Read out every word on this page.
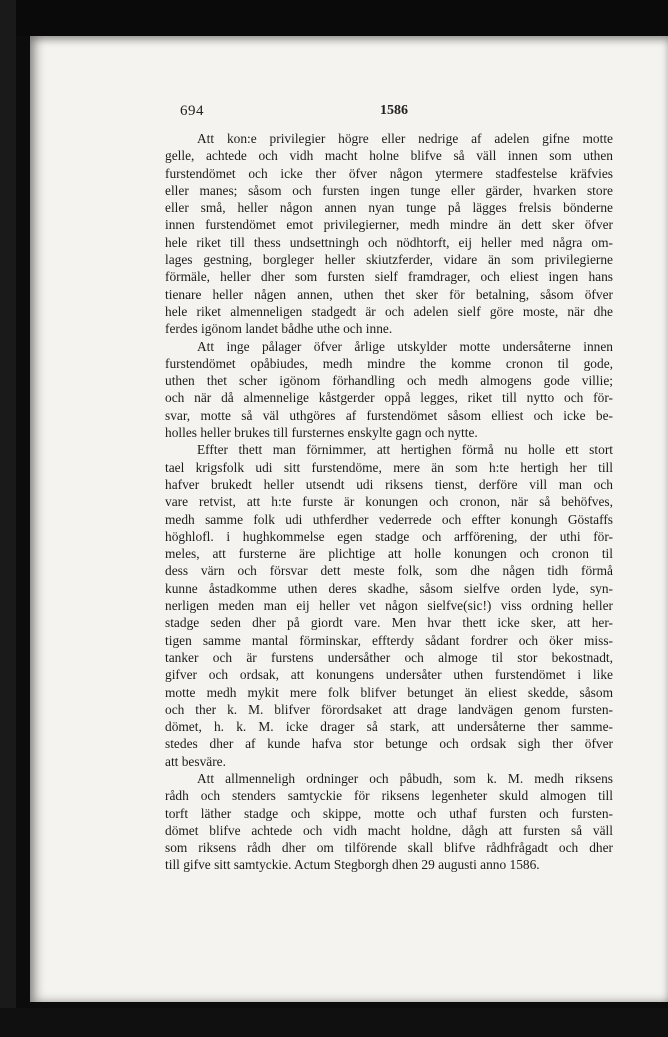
694	1586
Att kon:e privilegier högre eller nedrige af adelen gifne motte
gelle, achtede och vidh macht holne blifve så väll innen som uthen
furstendömet och icke ther öfver någon ytermere stadfestelse kräfvies
eller manes; såsom och fursten ingen tunge eller gärder, hvarken store
eller små, heller någon annen nyan tunge på lägges frelsis bönderne
innen furstendömet emot privilegierner, medh mindre än dett sker öfver
hele riket till thess undsettningh och nödhtorft, eij heller med några om-
lages gestning, borgleger heller skiutzferder, vidare än som privilegierne
förmäle, heller dher som fursten sielf framdrager, och eliest ingen hans
tienare heller någen annen, uthen thet sker för betalning, såsom öfver
hele riket almenneligen stadgedt är och adelen sielf göre moste, när dhe
ferdes igönom landet bådhe uthe och inne.
Att inge pålager öfver årlige utskylder motte undersåterne innen
furstendömet opåbiudes, medh mindre the komme cronon til gode,
uthen thet scher igönom förhandling och medh almogens gode villie;
och när då almennelige kåstgerder oppå legges, riket till nytto och för-
svar, motte så väl uthgöres af furstendömet såsom elliest och icke be-
holles heller brukes till fursternes enskylte gagn och nytte.
Effter thett man förnimmer, att hertighen förmå nu holle ett stort
tael krigsfolk udi sitt furstendöme, mere än som h:te hertigh her till
hafver brukedt heller utsendt udi riksens tienst, derföre vill man och
vare retvist, att h:te furste är konungen och cronon, när så behöfves,
medh samme folk udi uthferdher vederrede och effter konungh Göstaffs
höghlofl. i hughkommelse egen stadge och arfförening, der uthi för-
meles, att fursterne äre plichtige att holle konungen och cronon til
dess värn och försvar dett meste folk, som dhe någen tidh förmå
kunne åstadkomme uthen deres skadhe, såsom sielfve orden lyde, syn-
nerligen meden man eij heller vet någon sielfve(sic!) viss ordning heller
stadge seden dher på giordt vare. Men hvar thett icke sker, att her-
tigen samme mantal förminskar, effterdy sådant fordrer och öker miss-
tanker och är furstens undersåther och almoge til stor bekostnadt,
gifver och ordsak, att konungens undersåter uthen furstendömet i like
motte medh mykit mere folk blifver betunget än eliest skedde, såsom
och ther k. M. blifver förordsaket att drage landvägen genom fursten-
dömet, h. k. M. icke drager så stark, att undersåterne ther samme-
stedes dher af kunde hafva stor betunge och ordsak sigh ther öfver
att besväre.
Att allmenneligh ordninger och påbudh, som k. M. medh riksens
rådh och stenders samtyckie för riksens legenheter skuld almogen till
torft läther stadge och skippe, motte och uthaf fursten och fursten-
dömet blifve achtede och vidh macht holdne, dågh att fursten så väll
som riksens rådh dher om tilförende skall blifve rådhfrågadt och dher
till gifve sitt samtyckie. Actum Stegborgh dhen 29 augusti anno 1586.
